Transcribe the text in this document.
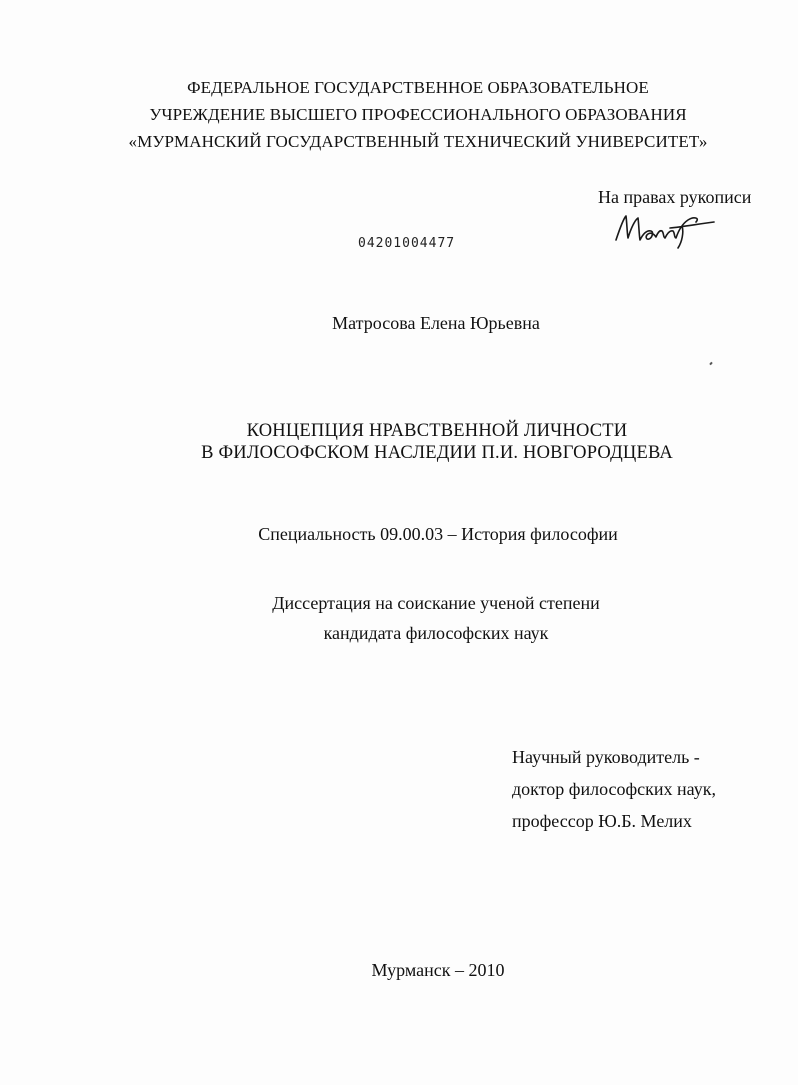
ФЕДЕРАЛЬНОЕ ГОСУДАРСТВЕННОЕ ОБРАЗОВАТЕЛЬНОЕ
УЧРЕЖДЕНИЕ ВЫСШЕГО ПРОФЕССИОНАЛЬНОГО ОБРАЗОВАНИЯ
«МУРМАНСКИЙ ГОСУДАРСТВЕННЫЙ ТЕХНИЧЕСКИЙ УНИВЕРСИТЕТ»
На правах рукописи
04201004477
Матросова Елена Юрьевна
КОНЦЕПЦИЯ НРАВСТВЕННОЙ ЛИЧНОСТИ
В ФИЛОСОФСКОМ НАСЛЕДИИ П.И. НОВГОРОДЦЕВА
Специальность 09.00.03 – История философии
Диссертация на соискание ученой степени
кандидата философских наук
Научный руководитель -
доктор философских наук,
профессор Ю.Б. Мелих
Мурманск – 2010
